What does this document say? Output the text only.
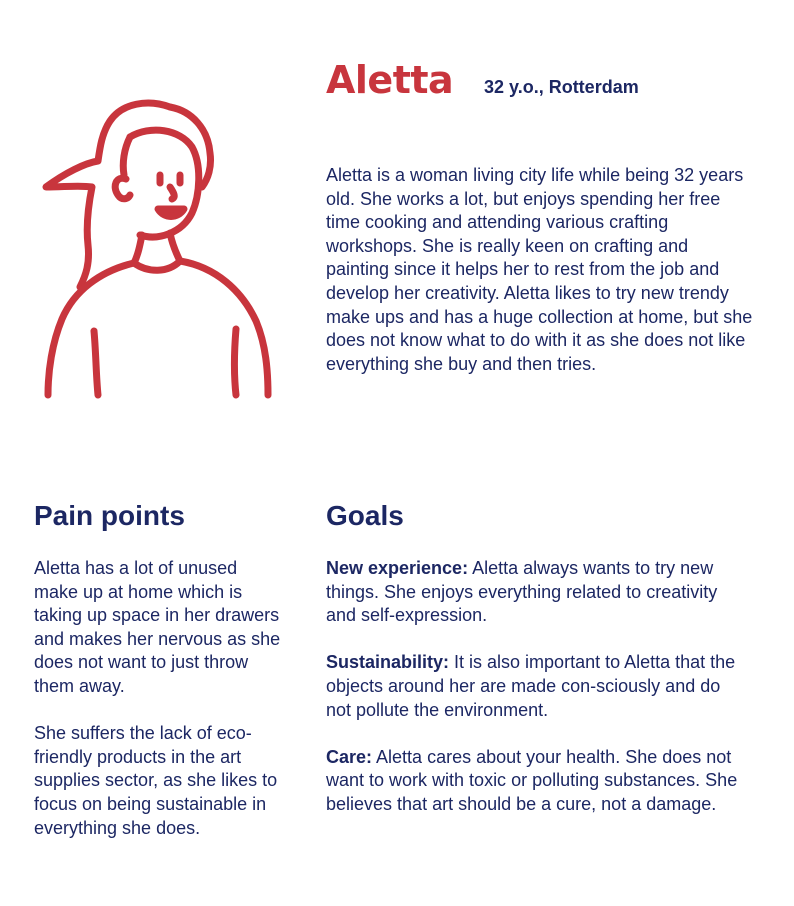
Aletta 32 y.o., Rotterdam

Aletta is a woman living city life while being 32 years old. She works a lot, but enjoys spending her free time cooking and attending various crafting workshops. She is really keen on crafting and painting since it helps her to rest from the job and develop her creativity. Aletta likes to try new trendy make ups and has a huge collection at home, but she does not know what to do with it as she does not like everything she buy and then tries.

Pain points	Goals

Aletta has a lot of unused make up at home which is taking up space in her drawers and makes her nervous as she does not want to just throw them away.

She suffers the lack of eco-friendly products in the art supplies sector, as she likes to focus on being sustainable in everything she does.

New experience: Aletta always wants to try new things. She enjoys everything related to creativity and self-expression.

Sustainability: It is also important to Aletta that the objects around her are made con-sciously and do not pollute the environment.

Care: Aletta cares about your health. She does not want to work with toxic or polluting substances. She believes that art should be a cure, not a damage.
